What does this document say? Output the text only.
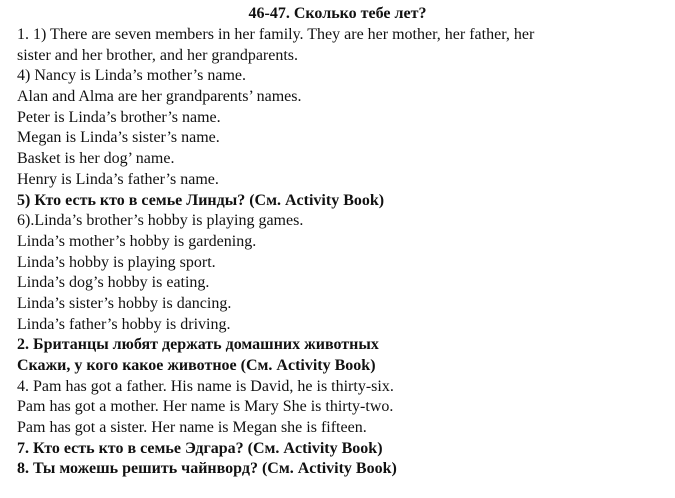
46-47. Сколько тебе лет?
1. 1) There are seven members in her family. They are her mother, her father, her
sister and her brother, and her grandparents.
4) Nancy is Linda’s mother’s name.
Alan and Alma are her grandparents’ names.
Peter is Linda’s brother’s name.
Megan is Linda’s sister’s name.
Basket is her dog’ name.
Henry is Linda’s father’s name.
5) Кто есть кто в семье Линды? (См. Activity Book)
6).Linda’s brother’s hobby is playing games.
Linda’s mother’s hobby is gardening.
Linda’s hobby is playing sport.
Linda’s dog’s hobby is eating.
Linda’s sister’s hobby is dancing.
Linda’s father’s hobby is driving.
2. Британцы любят держать домашних животных
Скажи, у кого какое животное (См. Activity Book)
4. Pam has got a father. His name is David, he is thirty-six.
Pam has got a mother. Her name is Mary She is thirty-two.
Pam has got a sister. Her name is Megan she is fifteen.
7. Кто есть кто в семье Эдгара? (См. Activity Book)
8. Ты можешь решить чайнворд? (См. Activity Book)
